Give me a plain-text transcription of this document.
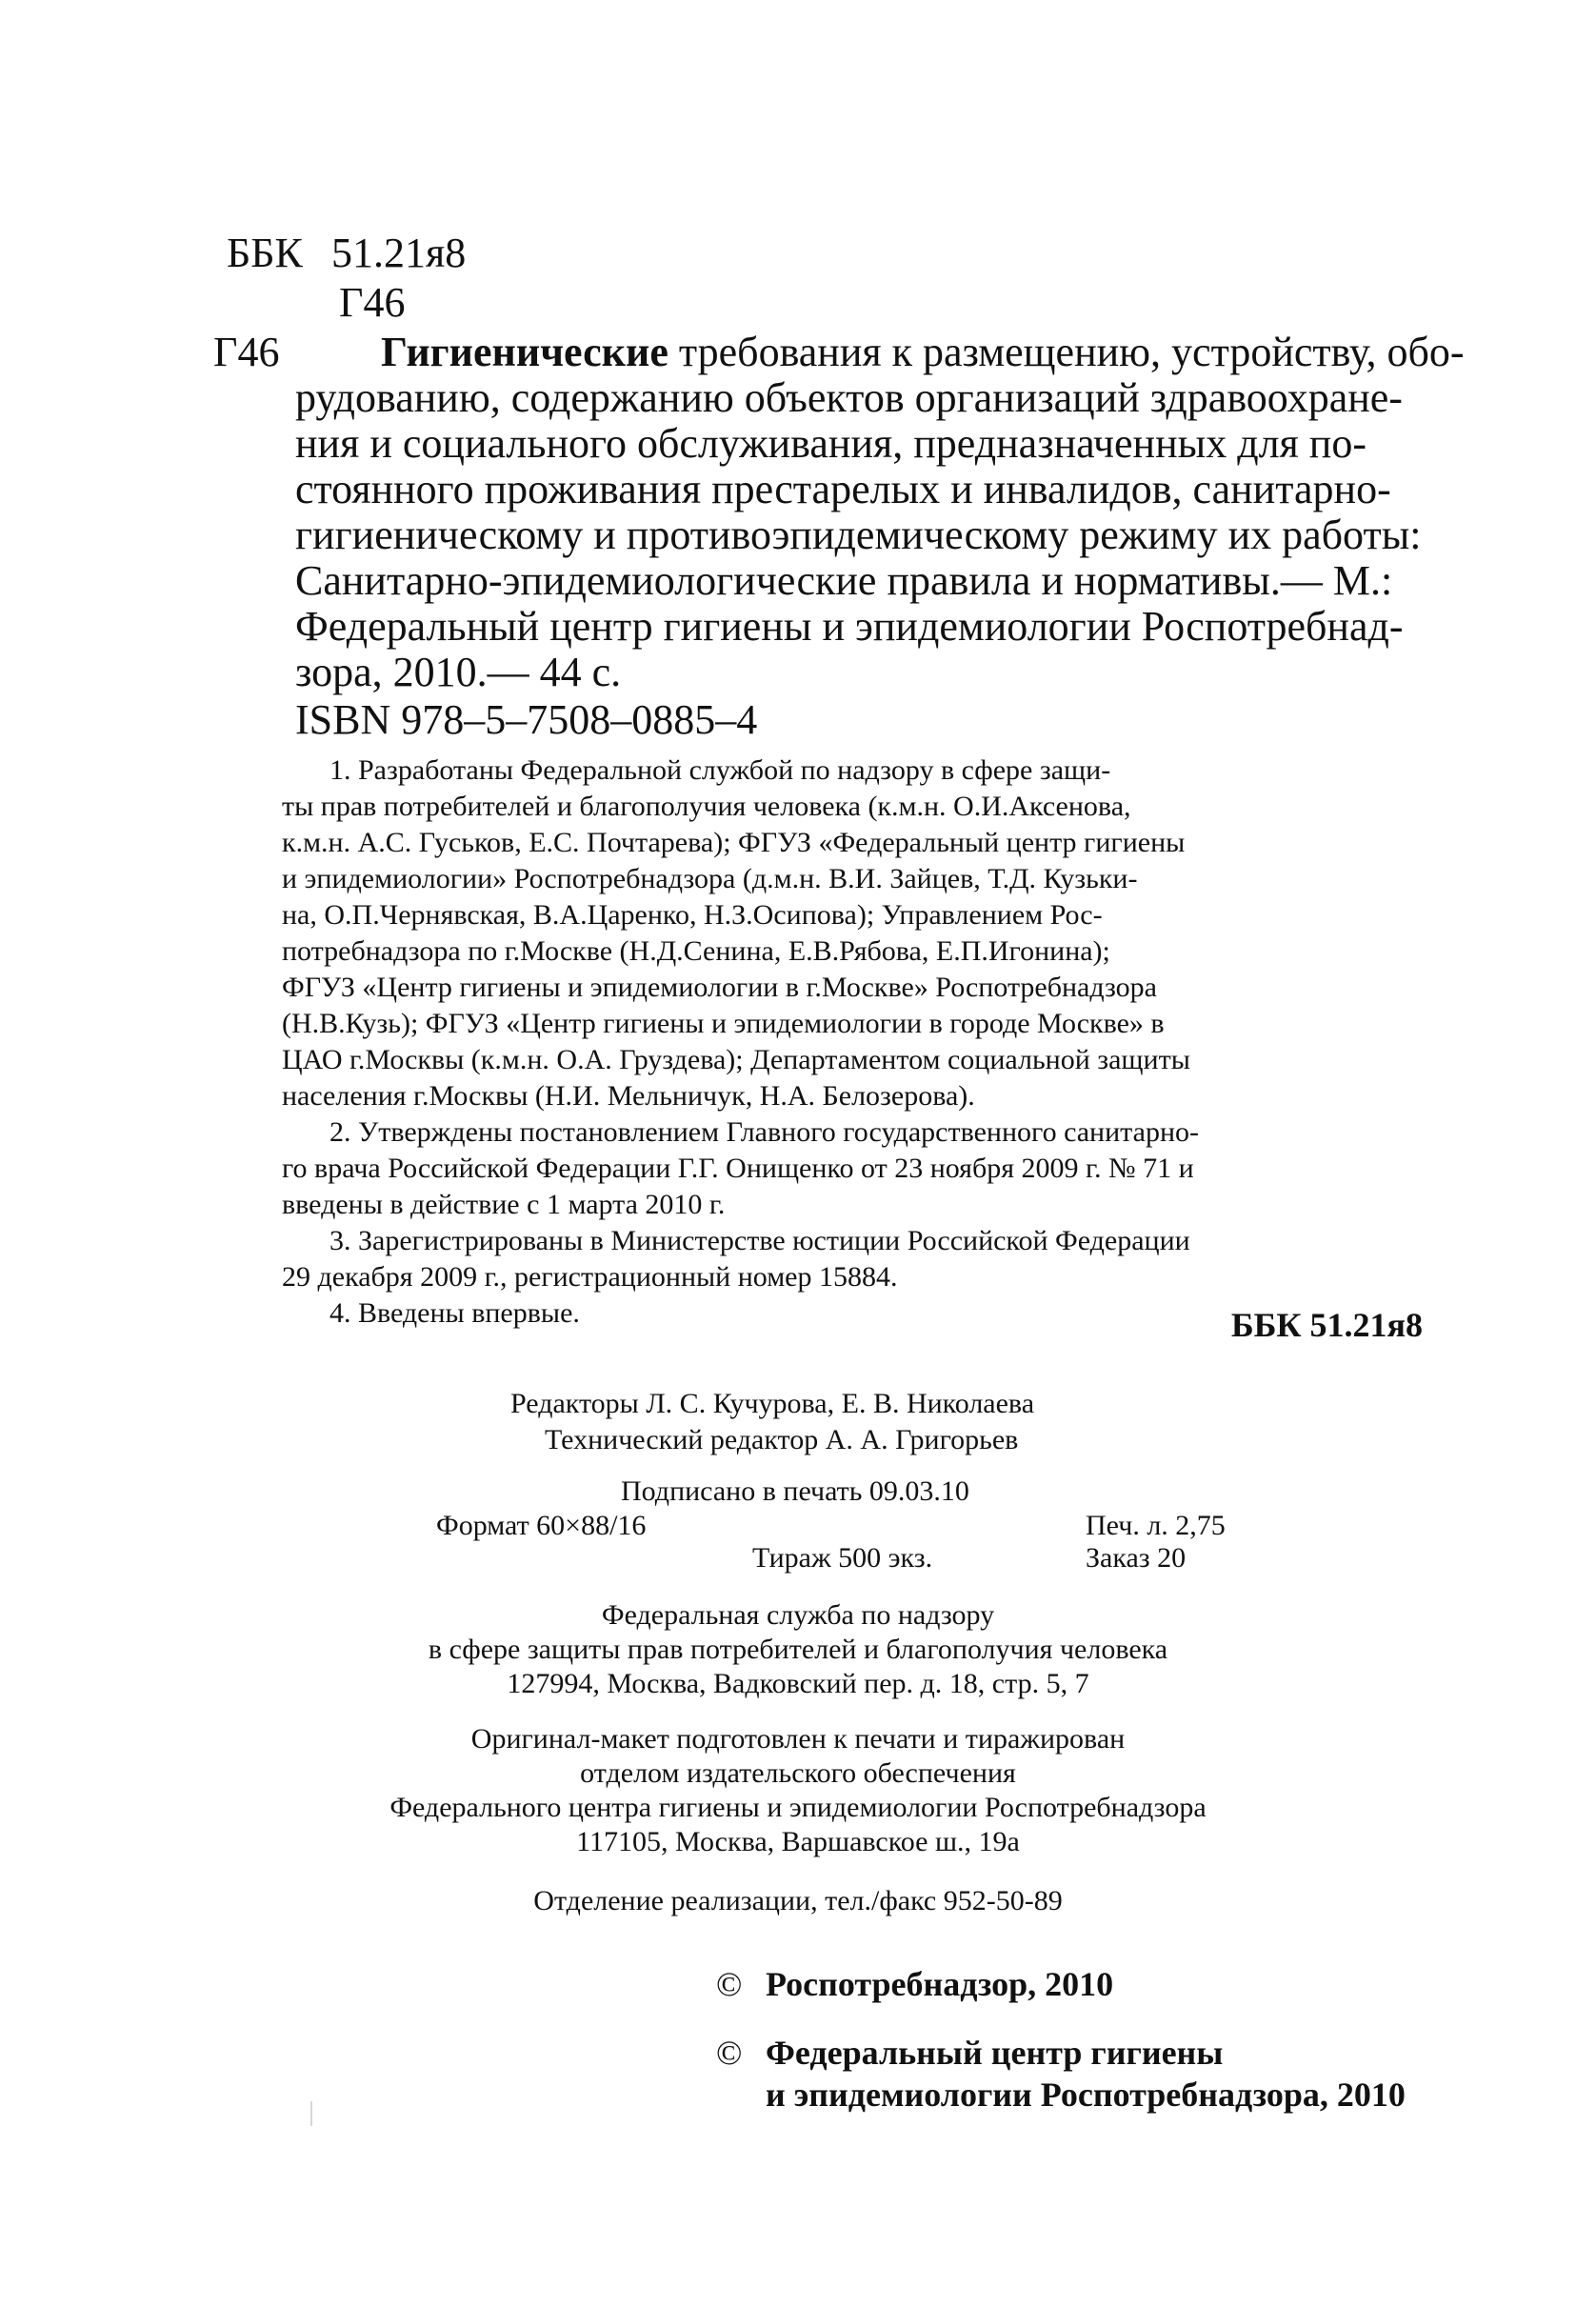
ББК 51.21я8
Г46
Г46 Гигиенические требования к размещению, устройству, обо-
рудованию, содержанию объектов организаций здравоохране-
ния и социального обслуживания, предназначенных для по-
стоянного проживания престарелых и инвалидов, санитарно-
гигиеническому и противоэпидемическому режиму их работы:
Санитарно-эпидемиологические правила и нормативы.— М.:
Федеральный центр гигиены и эпидемиологии Роспотребнад-
зора, 2010.— 44 с.
ISBN 978–5–7508–0885–4
1. Разработаны Федеральной службой по надзору в сфере защи-
ты прав потребителей и благополучия человека (к.м.н. О.И.Аксенова,
к.м.н. А.С. Гуськов, Е.С. Почтарева); ФГУЗ «Федеральный центр гигиены
и эпидемиологии» Роспотребнадзора (д.м.н. В.И. Зайцев, Т.Д. Кузьки-
на, О.П.Чернявская, В.А.Царенко, Н.З.Осипова); Управлением Рос-
потребнадзора по г.Москве (Н.Д.Сенина, Е.В.Рябова, Е.П.Игонина);
ФГУЗ «Центр гигиены и эпидемиологии в г.Москве» Роспотребнадзора
(Н.В.Кузь); ФГУЗ «Центр гигиены и эпидемиологии в городе Москве» в
ЦАО г.Москвы (к.м.н. О.А. Груздева); Департаментом социальной защиты
населения г.Москвы (Н.И. Мельничук, Н.А. Белозерова).
2. Утверждены постановлением Главного государственного санитарно-
го врача Российской Федерации Г.Г. Онищенко от 23 ноября 2009 г. № 71 и
введены в действие с 1 марта 2010 г.
3. Зарегистрированы в Министерстве юстиции Российской Федерации
29 декабря 2009 г., регистрационный номер 15884.
4. Введены впервые.	ББК 51.21я8
Редакторы Л. С. Кучурова, Е. В. Николаева
Технический редактор А. А. Григорьев
Подписано в печать 09.03.10
Формат 60×88/16	Печ. л. 2,75
Тираж 500 экз.	Заказ 20
Федеральная служба по надзору
в сфере защиты прав потребителей и благополучия человека
127994, Москва, Вадковский пер. д. 18, стр. 5, 7
Оригинал-макет подготовлен к печати и тиражирован
отделом издательского обеспечения
Федерального центра гигиены и эпидемиологии Роспотребнадзора
117105, Москва, Варшавское ш., 19а
Отделение реализации, тел./факс 952-50-89
© Роспотребнадзор, 2010
© Федеральный центр гигиены
и эпидемиологии Роспотребнадзора, 2010
